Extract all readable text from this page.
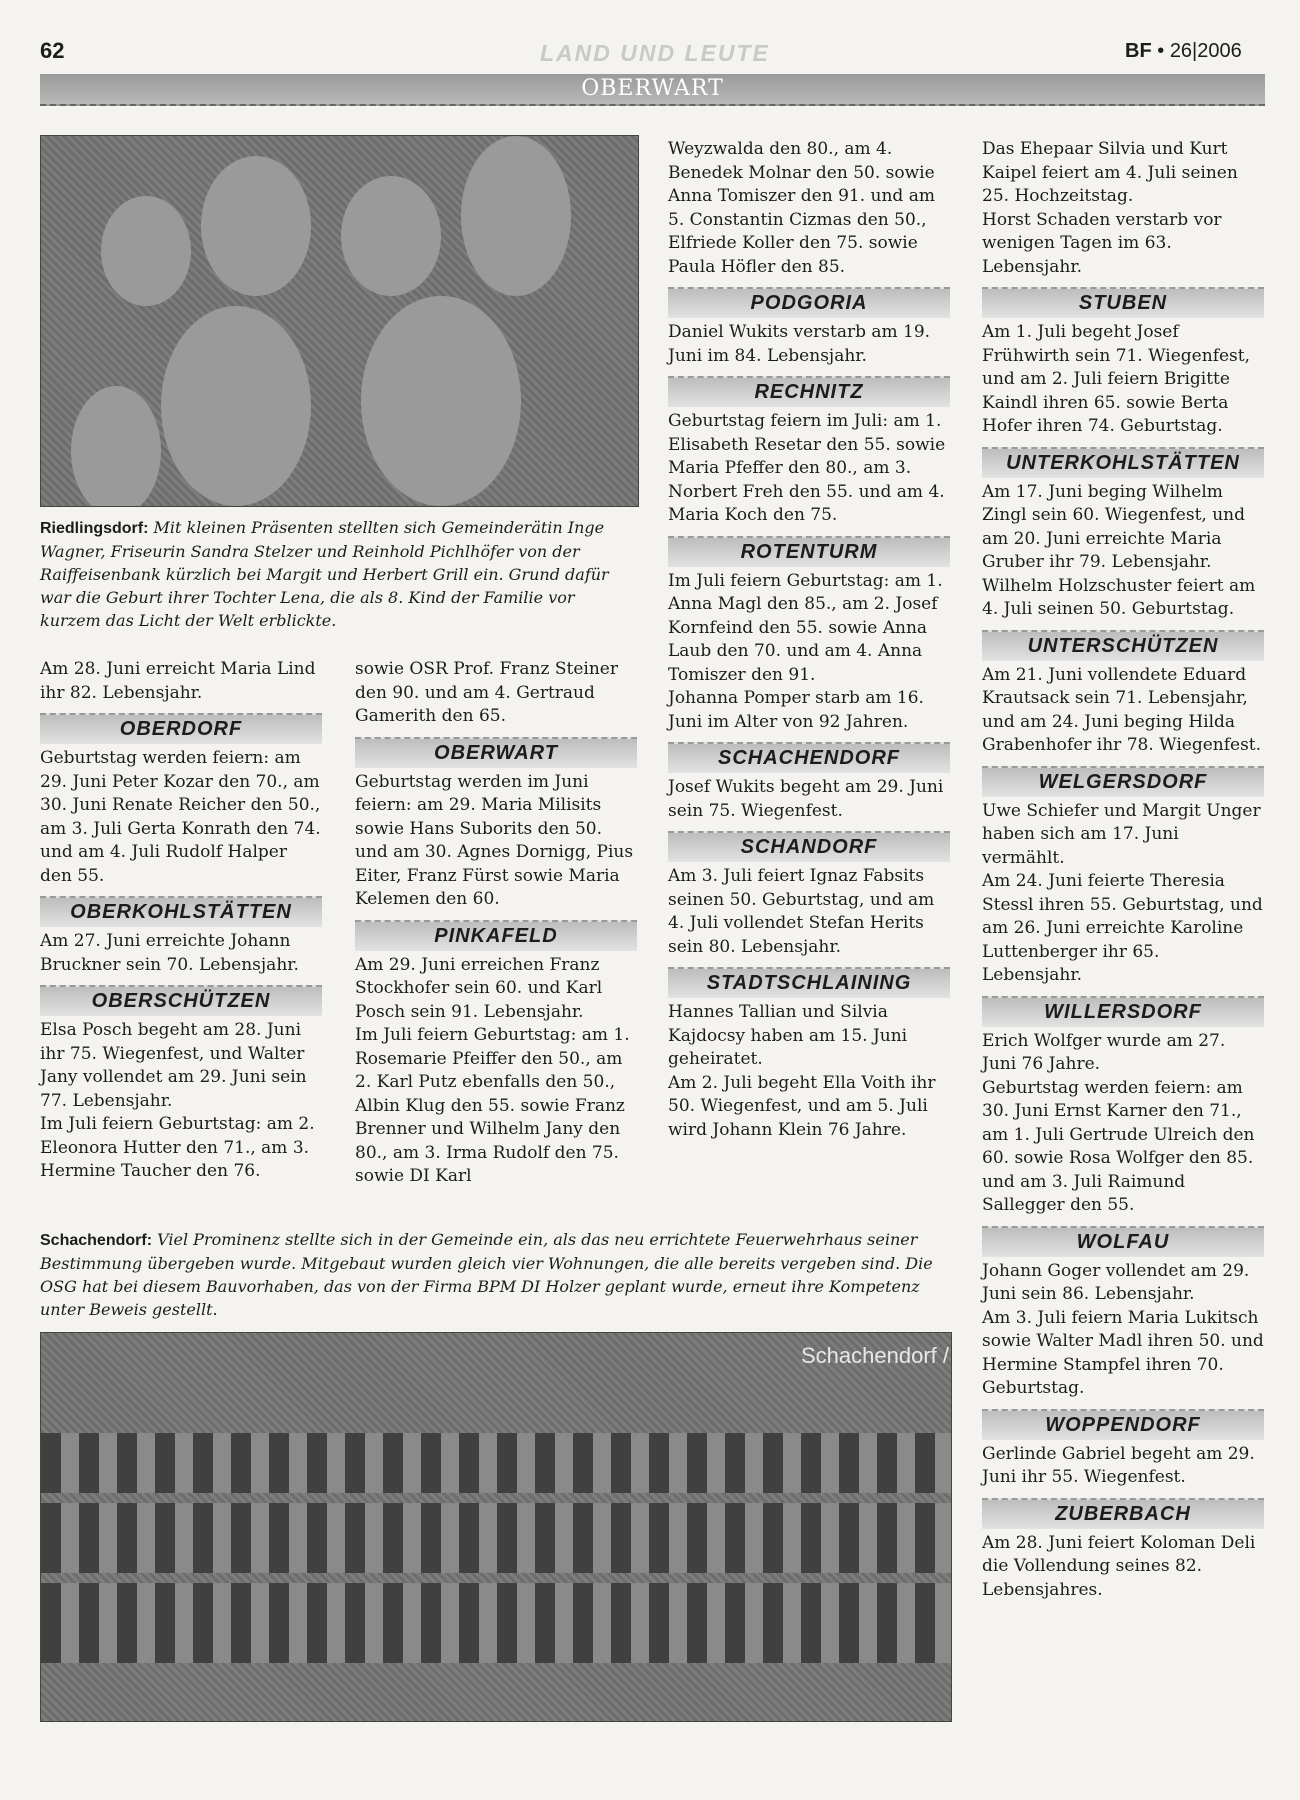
62	LAND UND LEUTE	BF • 26|2006
OBERWART
Riedlingsdorf: Mit kleinen Präsenten stellten sich Gemeinderätin Inge Wagner, Friseurin Sandra Stelzer und Reinhold Pichlhöfer von der Raiffeisenbank kürzlich bei Margit und Herbert Grill ein. Grund dafür war die Geburt ihrer Tochter Lena, die als 8. Kind der Familie vor kurzem das Licht der Welt erblickte.

Am 28. Juni erreicht Maria Lind ihr 82. Lebensjahr.

OBERDORF

Geburtstag werden feiern: am 29. Juni Peter Kozar den 70., am 30. Juni Renate Reicher den 50., am 3. Juli Gerta Konrath den 74. und am 4. Juli Rudolf Halper den 55.

OBERKOHLSTÄTTEN

Am 27. Juni erreichte Johann Bruckner sein 70. Lebensjahr.

OBERSCHÜTZEN

Elsa Posch begeht am 28. Juni ihr 75. Wiegenfest, und Walter Jany vollendet am 29. Juni sein 77. Lebensjahr.

Im Juli feiern Geburtstag: am 2. Eleonora Hutter den 71., am 3. Hermine Taucher den 76.

sowie OSR Prof. Franz Steiner den 90. und am 4. Gertraud Gamerith den 65.

OBERWART

Geburtstag werden im Juni feiern: am 29. Maria Milisits sowie Hans Suborits den 50. und am 30. Agnes Dornigg, Pius Eiter, Franz Fürst sowie Maria Kelemen den 60.

PINKAFELD

Am 29. Juni erreichen Franz Stockhofer sein 60. und Karl Posch sein 91. Lebensjahr.

Im Juli feiern Geburtstag: am 1. Rosemarie Pfeiffer den 50., am 2. Karl Putz ebenfalls den 50., Albin Klug den 55. sowie Franz Brenner und Wilhelm Jany den 80., am 3. Irma Rudolf den 75. sowie DI Karl

Weyzwalda den 80., am 4. Benedek Molnar den 50. sowie Anna Tomiszer den 91. und am 5. Constantin Cizmas den 50., Elfriede Koller den 75. sowie Paula Höfler den 85.

PODGORIA

Daniel Wukits verstarb am 19. Juni im 84. Lebensjahr.

RECHNITZ

Geburtstag feiern im Juli: am 1. Elisabeth Resetar den 55. sowie Maria Pfeffer den 80., am 3. Norbert Freh den 55. und am 4. Maria Koch den 75.

ROTENTURM

Im Juli feiern Geburtstag: am 1. Anna Magl den 85., am 2. Josef Kornfeind den 55. sowie Anna Laub den 70. und am 4. Anna Tomiszer den 91.

Johanna Pomper starb am 16. Juni im Alter von 92 Jahren.

SCHACHENDORF

Josef Wukits begeht am 29. Juni sein 75. Wiegenfest.

SCHANDORF

Am 3. Juli feiert Ignaz Fabsits seinen 50. Geburtstag, und am 4. Juli vollendet Stefan Herits sein 80. Lebensjahr.

STADTSCHLAINING

Hannes Tallian und Silvia Kajdocsy haben am 15. Juni geheiratet.

Am 2. Juli begeht Ella Voith ihr 50. Wiegenfest, und am 5. Juli wird Johann Klein 76 Jahre.

Das Ehepaar Silvia und Kurt Kaipel feiert am 4. Juli seinen 25. Hochzeitstag.

Horst Schaden verstarb vor wenigen Tagen im 63. Lebensjahr.

STUBEN

Am 1. Juli begeht Josef Frühwirth sein 71. Wiegenfest, und am 2. Juli feiern Brigitte Kaindl ihren 65. sowie Berta Hofer ihren 74. Geburtstag.

UNTERKOHLSTÄTTEN

Am 17. Juni beging Wilhelm Zingl sein 60. Wiegenfest, und am 20. Juni erreichte Maria Gruber ihr 79. Lebensjahr.

Wilhelm Holzschuster feiert am 4. Juli seinen 50. Geburtstag.

UNTERSCHÜTZEN

Am 21. Juni vollendete Eduard Krautsack sein 71. Lebensjahr, und am 24. Juni beging Hilda Grabenhofer ihr 78. Wiegenfest.

WELGERSDORF

Uwe Schiefer und Margit Unger haben sich am 17. Juni vermählt.

Am 24. Juni feierte Theresia Stessl ihren 55. Geburtstag, und am 26. Juni erreichte Karoline Luttenberger ihr 65. Lebensjahr.

WILLERSDORF

Erich Wolfger wurde am 27. Juni 76 Jahre.

Geburtstag werden feiern: am 30. Juni Ernst Karner den 71., am 1. Juli Gertrude Ulreich den 60. sowie Rosa Wolfger den 85. und am 3. Juli Raimund Sallegger den 55.

WOLFAU

Johann Goger vollendet am 29. Juni sein 86. Lebensjahr.

Am 3. Juli feiern Maria Lukitsch sowie Walter Madl ihren 50. und Hermine Stampfel ihren 70. Geburtstag.

WOPPENDORF

Gerlinde Gabriel begeht am 29. Juni ihr 55. Wiegenfest.

ZUBERBACH

Am 28. Juni feiert Koloman Deli die Vollendung seines 82. Lebensjahres.

Schachendorf: Viel Prominenz stellte sich in der Gemeinde ein, als das neu errichtete Feuerwehrhaus seiner Bestimmung übergeben wurde. Mitgebaut wurden gleich vier Wohnungen, die alle bereits vergeben sind. Die OSG hat bei diesem Bauvorhaben, das von der Firma BPM DI Holzer geplant wurde, erneut ihre Kompetenz unter Beweis gestellt.
Schachendorf /
